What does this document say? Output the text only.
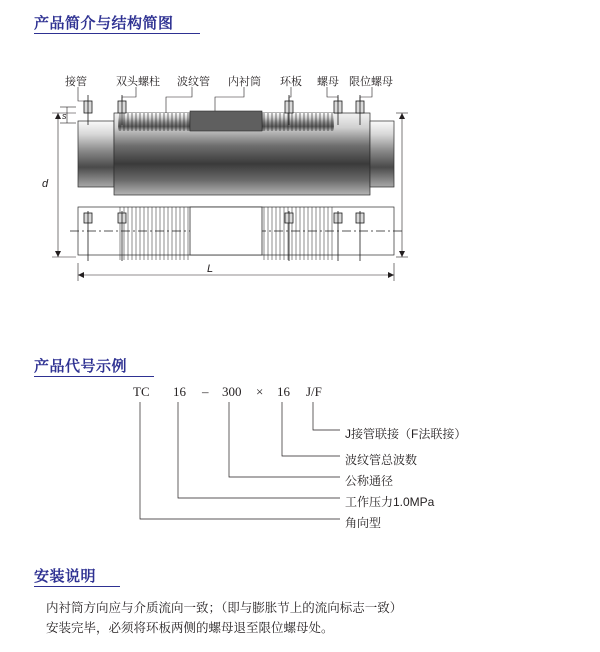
产品简介与结构简图
接管	双头螺柱 波纹管 内衬筒 环板 螺母 限位螺母
s
d
L
产品代号示例
TC 16 – 300 × 16 J/F
J接管联接（F法联接）
波纹管总波数
公称通径
工作压力1.0MPa
角向型
安装说明
内衬筒方向应与介质流向一致；（即与膨胀节上的流向标志一致）
安装完毕，必须将环板两侧的螺母退至限位螺母处。
